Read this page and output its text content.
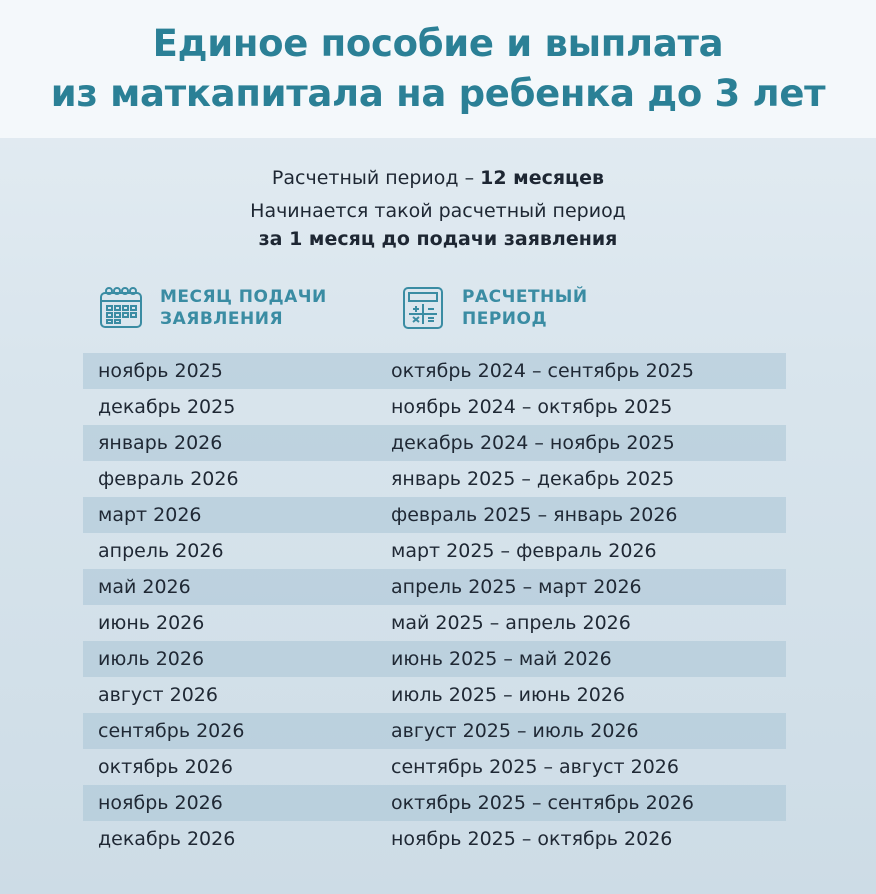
Единое пособие и выплата
из маткапитала на ребенка до 3 лет
Расчетный период – 12 месяцев
Начинается такой расчетный период
за 1 месяц до подачи заявления
МЕСЯЦ ПОДАЧИ
ЗАЯВЛЕНИЯ
РАСЧЕТНЫЙ
ПЕРИОД
ноябрь 2025	октябрь 2024 – сентябрь 2025
декабрь 2025	ноябрь 2024 – октябрь 2025
январь 2026	декабрь 2024 – ноябрь 2025
февраль 2026	январь 2025 – декабрь 2025
март 2026	февраль 2025 – январь 2026
апрель 2026	март 2025 – февраль 2026
май 2026	апрель 2025 – март 2026
июнь 2026	май 2025 – апрель 2026
июль 2026	июнь 2025 – май 2026
август 2026	июль 2025 – июнь 2026
сентябрь 2026	август 2025 – июль 2026
октябрь 2026	сентябрь 2025 – август 2026
ноябрь 2026	октябрь 2025 – сентябрь 2026
декабрь 2026	ноябрь 2025 – октябрь 2026
